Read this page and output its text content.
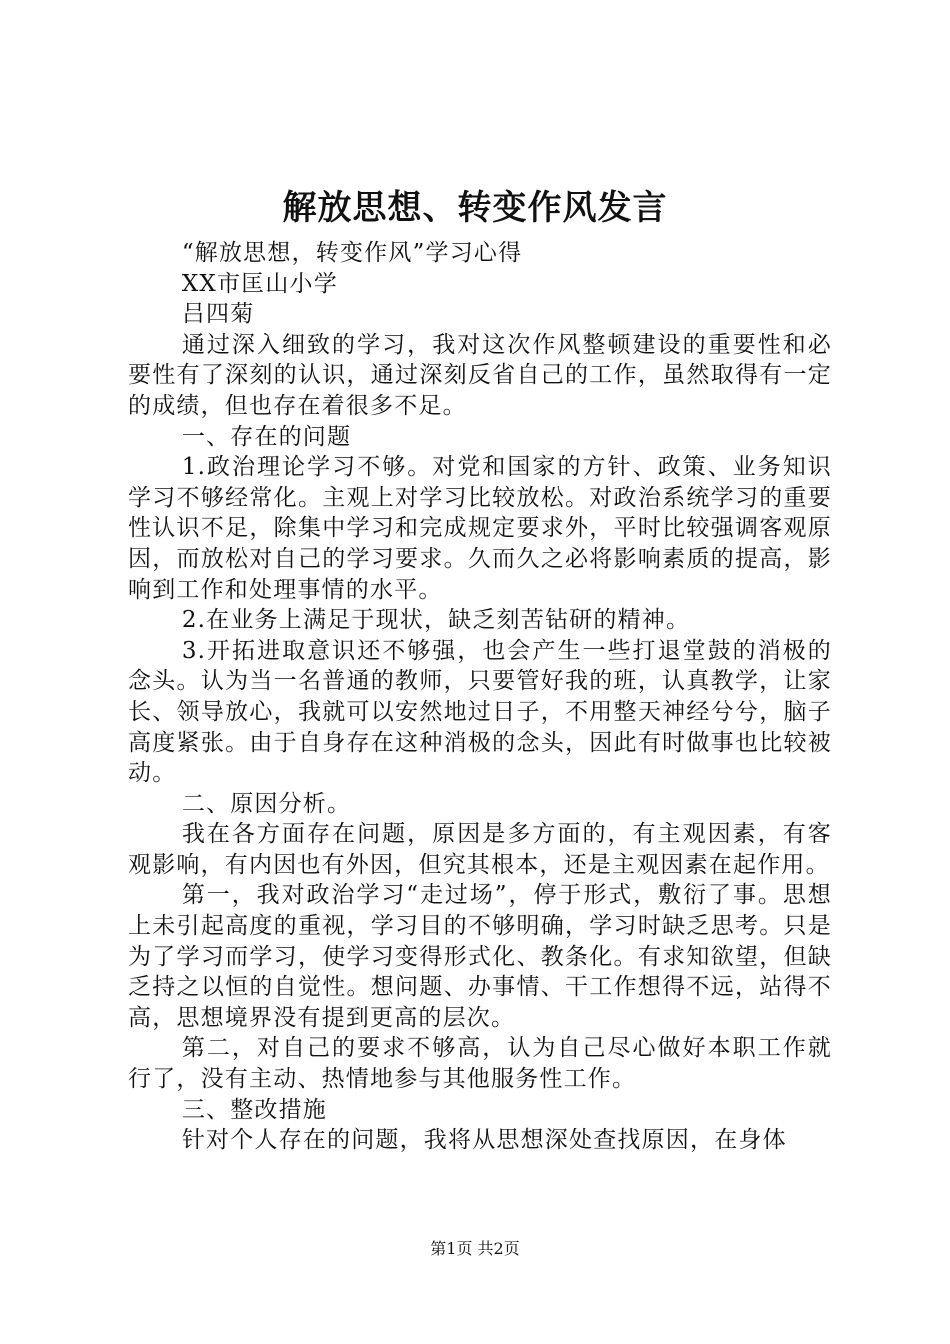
解放思想、转变作风发言

“解放思想，转变作风”学习心得

XX市匡山小学

吕四菊

通过深入细致的学习，我对这次作风整顿建设的重要性和必要性有了深刻的认识，通过深刻反省自己的工作，虽然取得有一定的成绩，但也存在着很多不足。

一、存在的问题

1.政治理论学习不够。对党和国家的方针、政策、业务知识学习不够经常化。主观上对学习比较放松。对政治系统学习的重要性认识不足，除集中学习和完成规定要求外，平时比较强调客观原因，而放松对自己的学习要求。久而久之必将影响素质的提高，影响到工作和处理事情的水平。

2.在业务上满足于现状，缺乏刻苦钻研的精神。

3.开拓进取意识还不够强，也会产生一些打退堂鼓的消极的念头。认为当一名普通的教师，只要管好我的班，认真教学，让家长、领导放心，我就可以安然地过日子，不用整天神经兮兮，脑子高度紧张。由于自身存在这种消极的念头，因此有时做事也比较被动。

二、原因分析。

我在各方面存在问题，原因是多方面的，有主观因素，有客观影响，有内因也有外因，但究其根本，还是主观因素在起作用。

第一，我对政治学习“走过场”，停于形式，敷衍了事。思想上未引起高度的重视，学习目的不够明确，学习时缺乏思考。只是为了学习而学习，使学习变得形式化、教条化。有求知欲望，但缺乏持之以恒的自觉性。想问题、办事情、干工作想得不远，站得不高，思想境界没有提到更高的层次。

第二，对自己的要求不够高，认为自己尽心做好本职工作就行了，没有主动、热情地参与其他服务性工作。

三、整改措施

针对个人存在的问题，我将从思想深处查找原因，在身体

第1页 共2页
